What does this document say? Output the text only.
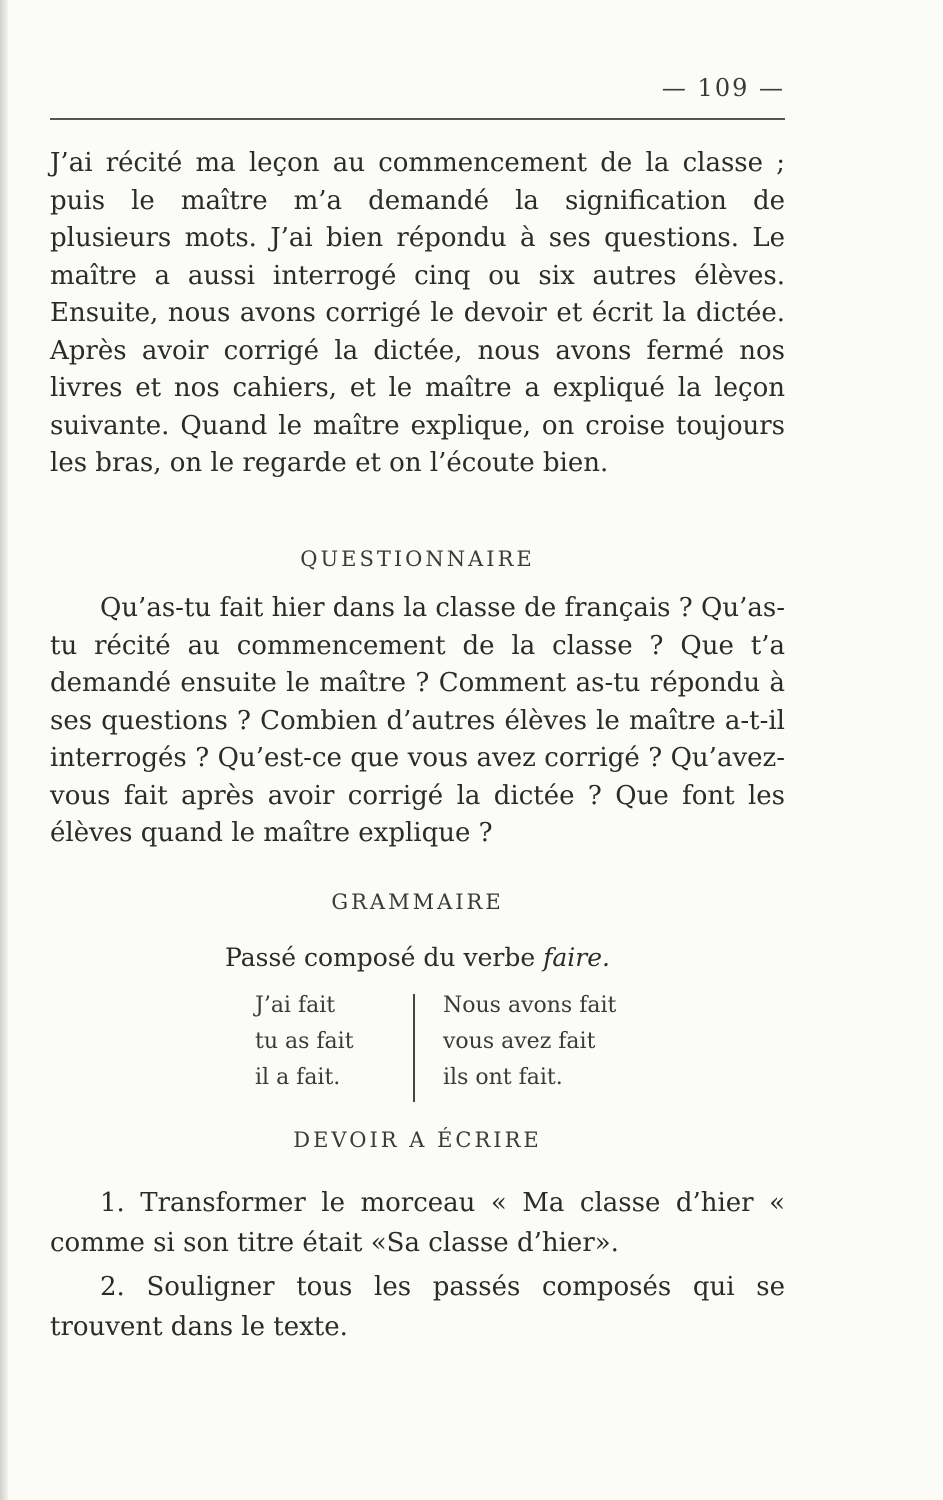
— 109 —

J’ai récité ma leçon au commencement de la classe ; puis le maître m’a demandé la signification de plusieurs mots. J’ai bien répondu à ses questions. Le maître a aussi interrogé cinq ou six autres élèves. Ensuite, nous avons corrigé le devoir et écrit la dictée. Après avoir corrigé la dictée, nous avons fermé nos livres et nos cahiers, et le maître a expliqué la leçon suivante. Quand le maître explique, on croise toujours les bras, on le regarde et on l’écoute bien.

QUESTIONNAIRE

Qu’as-tu fait hier dans la classe de français ? Qu’as-tu récité au commencement de la classe ? Que t’a demandé ensuite le maître ? Comment as-tu répondu à ses questions ? Combien d’autres élèves le maître a-t-il interrogés ? Qu’est-ce que vous avez corrigé ? Qu’avez-vous fait après avoir corrigé la dictée ? Que font les élèves quand le maître explique ?

GRAMMAIRE
Passé composé du verbe faire.
J’ai fait
tu as fait
il a fait.
Nous avons fait
vous avez fait
ils ont fait.
DEVOIR A ÉCRIRE

1. Transformer le morceau « Ma classe d’hier « comme si son titre était «Sa classe d’hier».

2. Souligner tous les passés composés qui se trouvent dans le texte.
